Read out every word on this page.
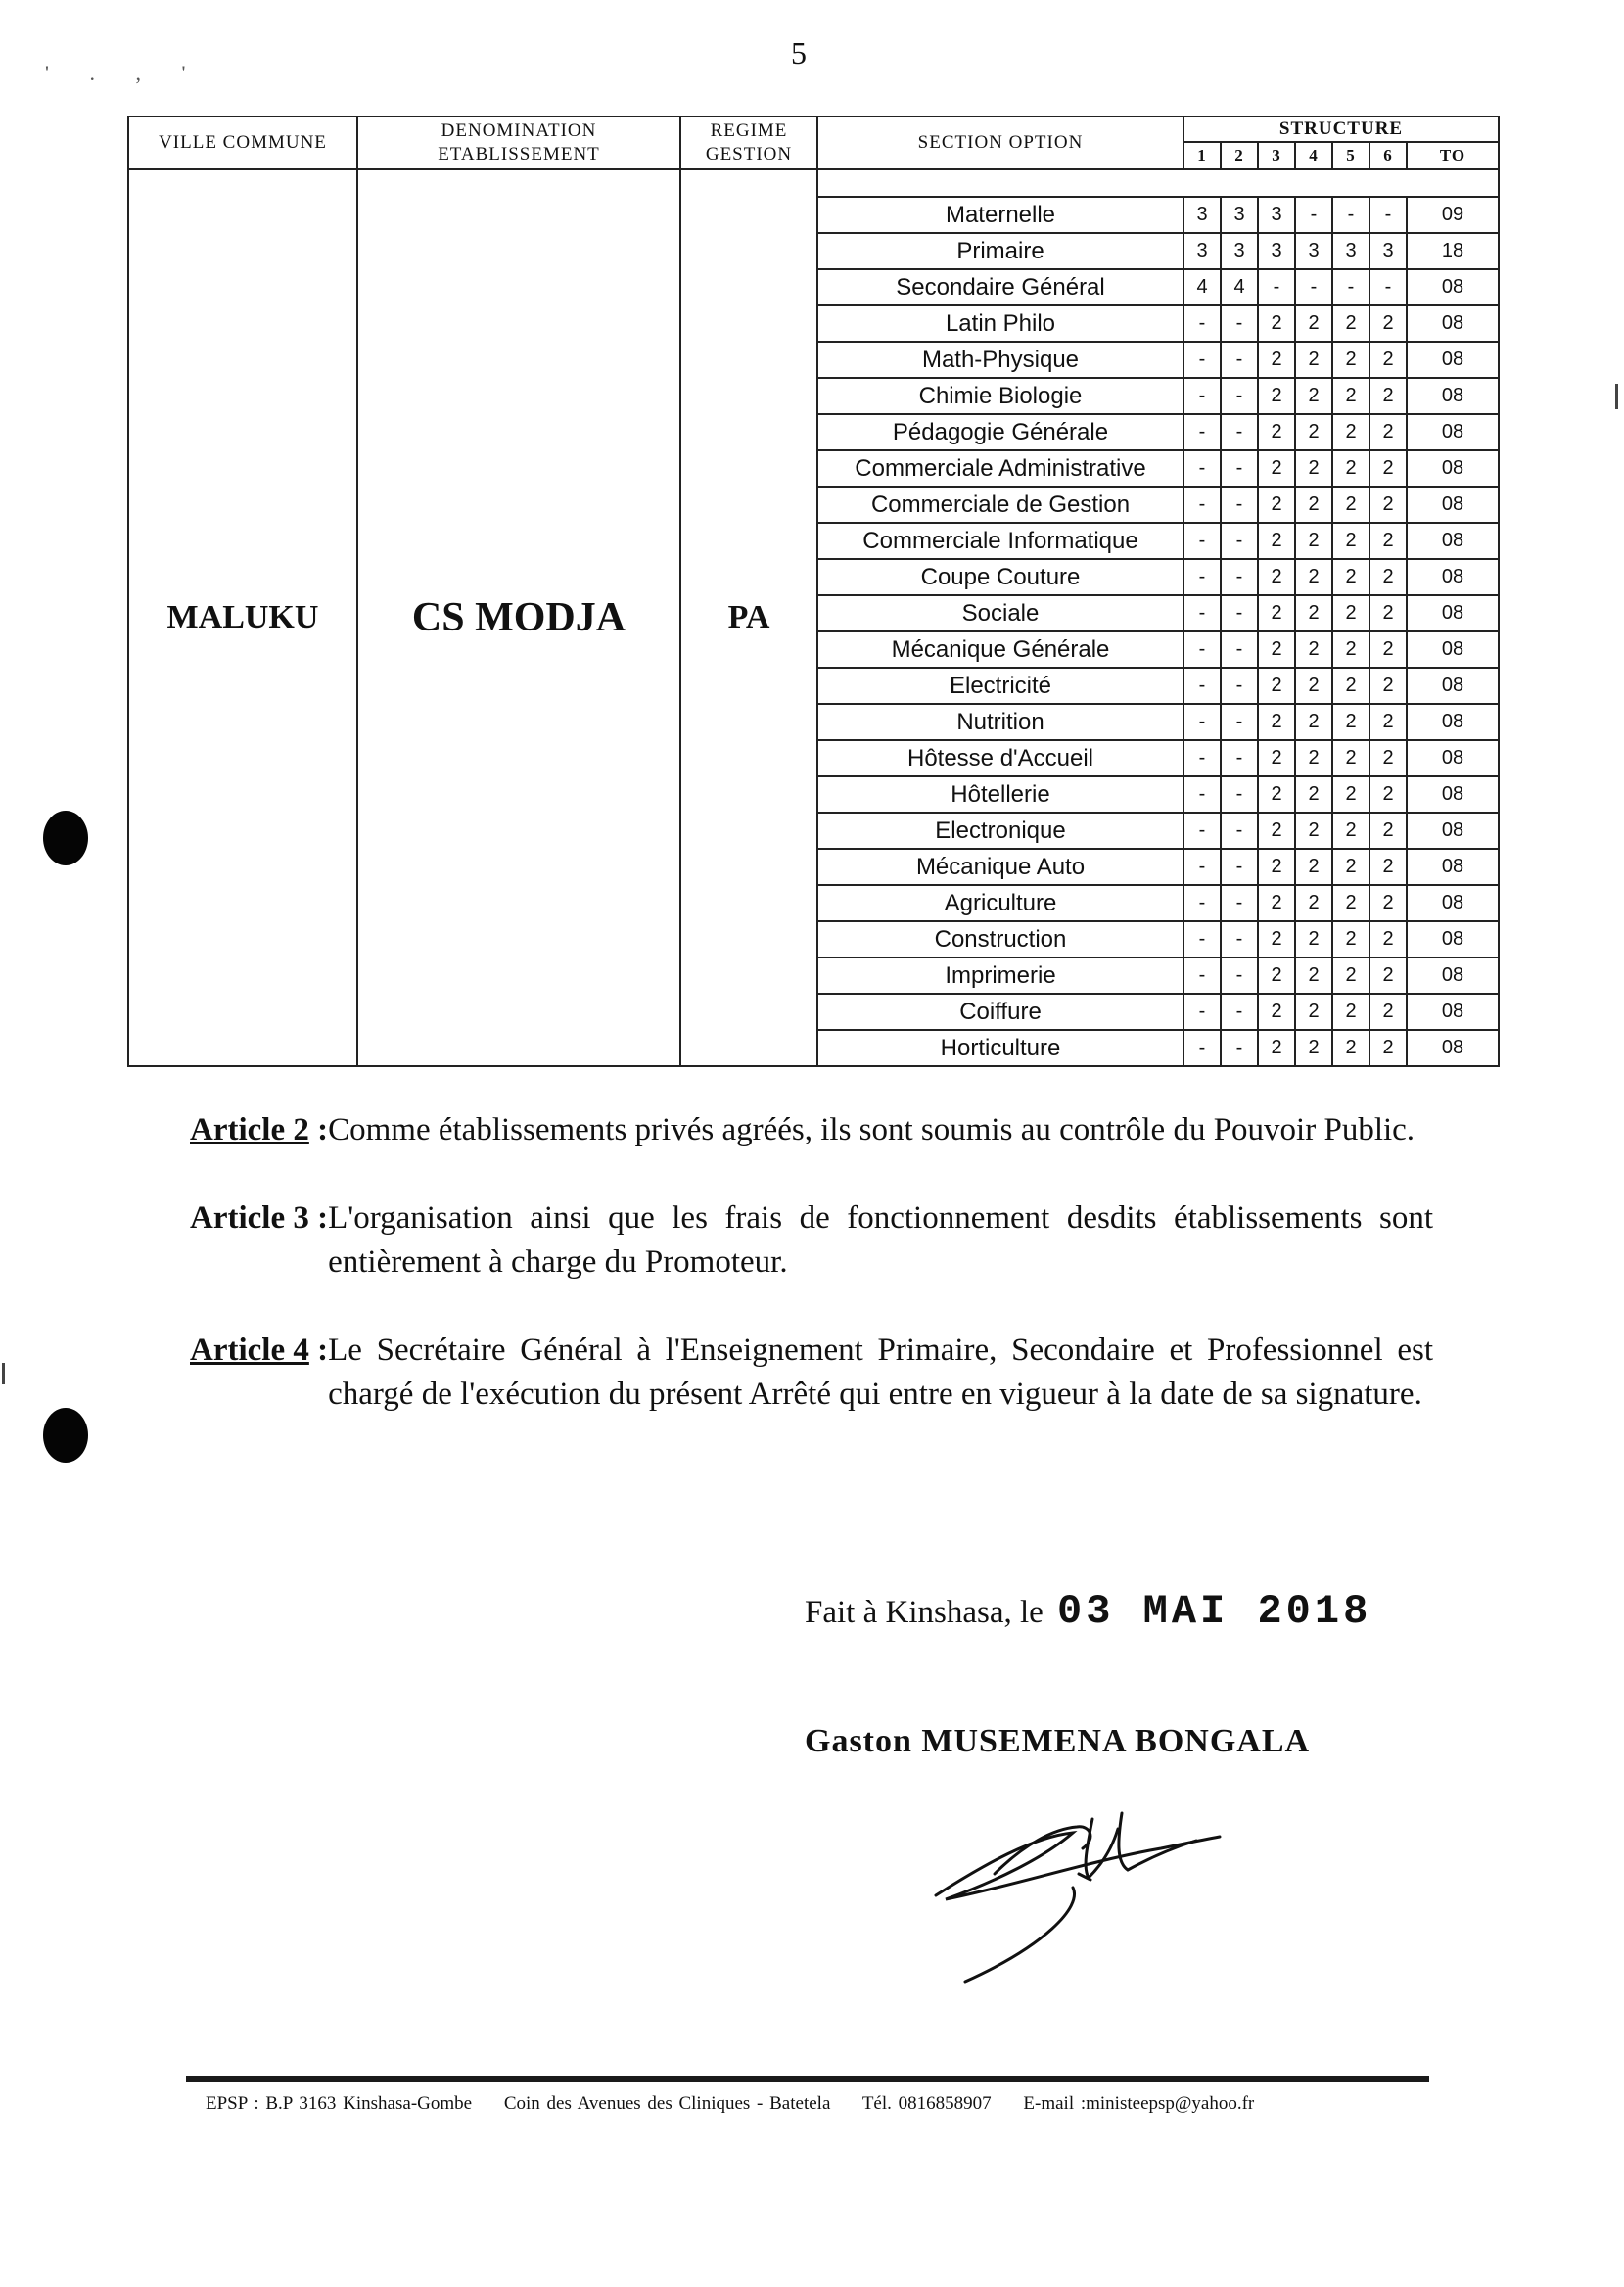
5
' . , '
VILLE COMMUNE	DENOMINATION ETABLISSEMENT	REGIME GESTION	SECTION OPTION	STRUCTURE						
				1	2	3	4	5	6	TO
MALUKU	CS MODJA	PA								
			Maternelle	3	3	3	-	-	-	09
			Primaire	3	3	3	3	3	3	18
			Secondaire Général	4	4	-	-	-	-	08
			Latin Philo	-	-	2	2	2	2	08
			Math-Physique	-	-	2	2	2	2	08
			Chimie Biologie	-	-	2	2	2	2	08
			Pédagogie Générale	-	-	2	2	2	2	08
			Commerciale Administrative	-	-	2	2	2	2	08
			Commerciale de Gestion	-	-	2	2	2	2	08
			Commerciale Informatique	-	-	2	2	2	2	08
			Coupe Couture	-	-	2	2	2	2	08
			Sociale	-	-	2	2	2	2	08
			Mécanique Générale	-	-	2	2	2	2	08
			Electricité	-	-	2	2	2	2	08
			Nutrition	-	-	2	2	2	2	08
			Hôtesse d'Accueil	-	-	2	2	2	2	08
			Hôtellerie	-	-	2	2	2	2	08
			Electronique	-	-	2	2	2	2	08
			Mécanique Auto	-	-	2	2	2	2	08
			Agriculture	-	-	2	2	2	2	08
			Construction	-	-	2	2	2	2	08
			Imprimerie	-	-	2	2	2	2	08
			Coiffure	-	-	2	2	2	2	08
			Horticulture	-	-	2	2	2	2	08
Article 2 : Comme établissements privés agréés, ils sont soumis au contrôle du Pouvoir Public.
Article 3 : L'organisation ainsi que les frais de fonctionnement desdits établissements sont entièrement à charge du Promoteur.
Article 4 : Le Secrétaire Général à l'Enseignement Primaire, Secondaire et Professionnel est chargé de l'exécution du présent Arrêté qui entre en vigueur à la date de sa signature.
Fait à Kinshasa, le 03 MAI 2018
Gaston MUSEMENA BONGALA
EPSP : B.P 3163 Kinshasa-Gombe Coin des Avenues des Cliniques - Batetela Tél. 0816858907 E-mail :ministeepsp@yahoo.fr
